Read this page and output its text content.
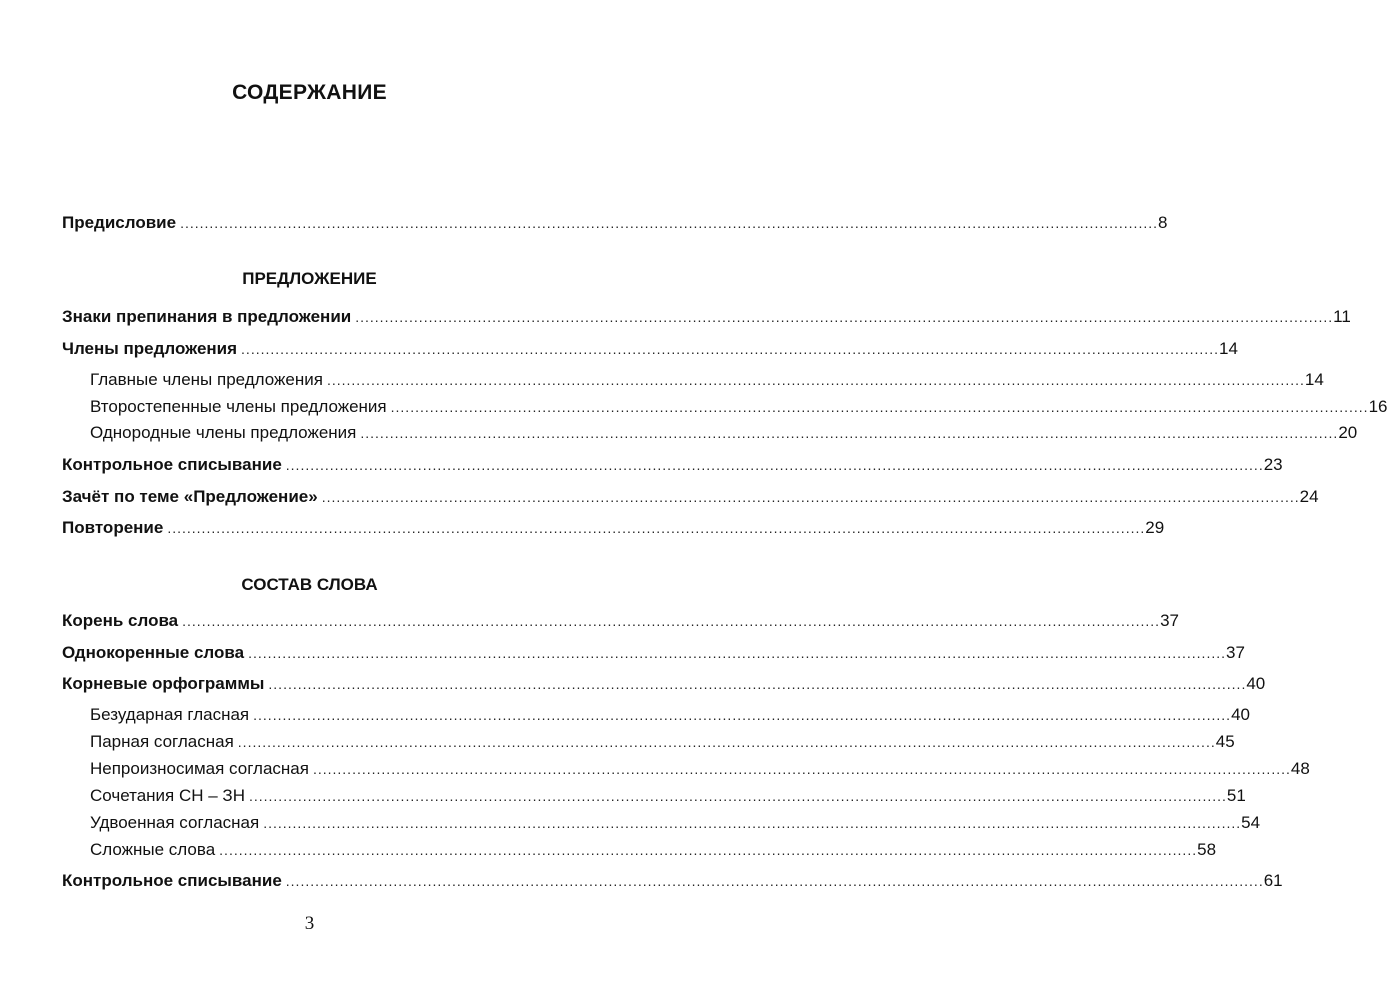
СОДЕРЖАНИЕ
Предисловие ........................................................................................................................................................................................................ 8
ПРЕДЛОЖЕНИЕ
Знаки препинания в предложении ........................................................................................................................................................................................................ 11
Члены предложения ........................................................................................................................................................................................................ 14
Главные члены предложения ........................................................................................................................................................................................................ 14
Второстепенные члены предложения ........................................................................................................................................................................................................ 16
Однородные члены предложения ........................................................................................................................................................................................................ 20
Контрольное списывание ........................................................................................................................................................................................................ 23
Зачёт по теме «Предложение» ........................................................................................................................................................................................................ 24
Повторение ........................................................................................................................................................................................................ 29
СОСТАВ СЛОВА
Корень слова ........................................................................................................................................................................................................ 37
Однокоренные слова ........................................................................................................................................................................................................ 37
Корневые орфограммы ........................................................................................................................................................................................................ 40
Безударная гласная ........................................................................................................................................................................................................ 40
Парная согласная ........................................................................................................................................................................................................ 45
Непроизносимая согласная ........................................................................................................................................................................................................ 48
Сочетания СН – ЗН ........................................................................................................................................................................................................ 51
Удвоенная согласная ........................................................................................................................................................................................................ 54
Сложные слова ........................................................................................................................................................................................................ 58
Контрольное списывание ........................................................................................................................................................................................................ 61
3
